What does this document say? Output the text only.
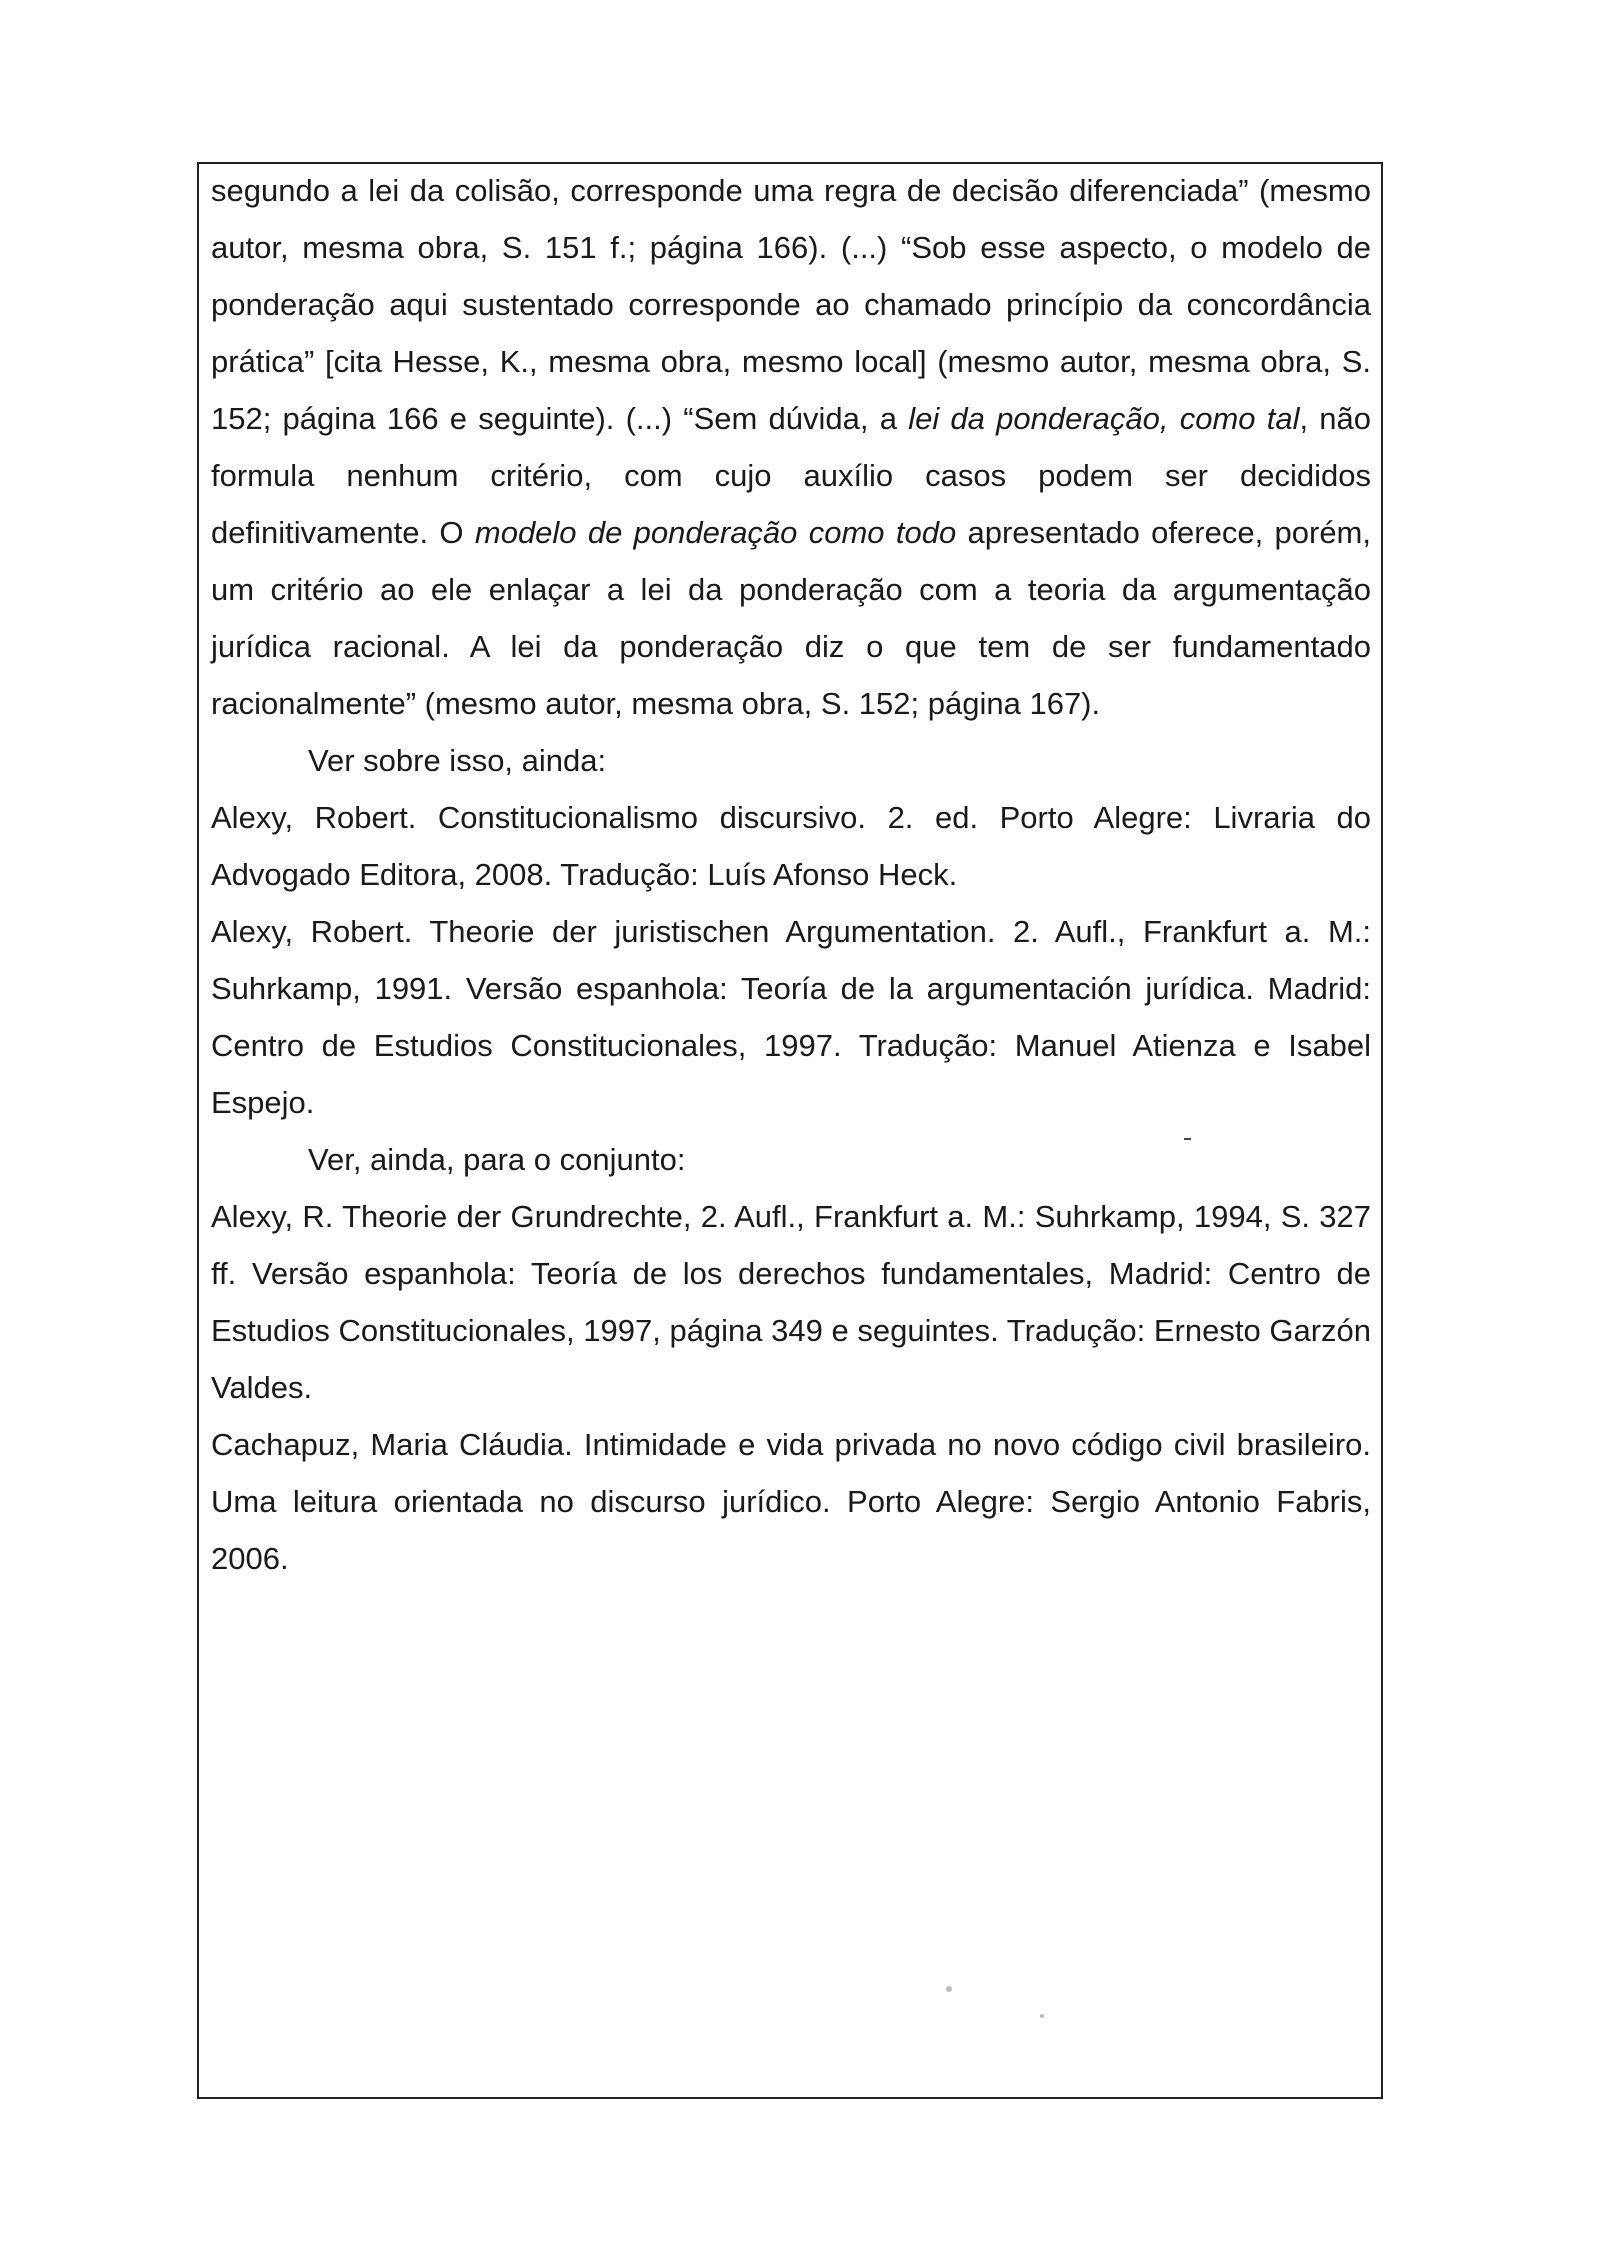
segundo a lei da colisão, corresponde uma regra de decisão diferenciada” (mesmo autor, mesma obra, S. 151 f.; página 166). (...) “Sob esse aspecto, o modelo de ponderação aqui sustentado corresponde ao chamado princípio da concordância prática” [cita Hesse, K., mesma obra, mesmo local] (mesmo autor, mesma obra, S. 152; página 166 e seguinte). (...) “Sem dúvida, a lei da ponderação, como tal, não formula nenhum critério, com cujo auxílio casos podem ser decididos definitivamente. O modelo de ponderação como todo apresentado oferece, porém, um critério ao ele enlaçar a lei da ponderação com a teoria da argumentação jurídica racional. A lei da ponderação diz o que tem de ser fundamentado racionalmente” (mesmo autor, mesma obra, S. 152; página 167).

Ver sobre isso, ainda:

Alexy, Robert. Constitucionalismo discursivo. 2. ed. Porto Alegre: Livraria do Advogado Editora, 2008. Tradução: Luís Afonso Heck.

Alexy, Robert. Theorie der juristischen Argumentation. 2. Aufl., Frankfurt a. M.: Suhrkamp, 1991. Versão espanhola: Teoría de la argumentación jurídica. Madrid: Centro de Estudios Constitucionales, 1997. Tradução: Manuel Atienza e Isabel Espejo.

Ver, ainda, para o conjunto:

Alexy, R. Theorie der Grundrechte, 2. Aufl., Frankfurt a. M.: Suhrkamp, 1994, S. 327 ff. Versão espanhola: Teoría de los derechos fundamentales, Madrid: Centro de Estudios Constitucionales, 1997, página 349 e seguintes. Tradução: Ernesto Garzón Valdes.

Cachapuz, Maria Cláudia. Intimidade e vida privada no novo código civil brasileiro. Uma leitura orientada no discurso jurídico. Porto Alegre: Sergio Antonio Fabris, 2006.
